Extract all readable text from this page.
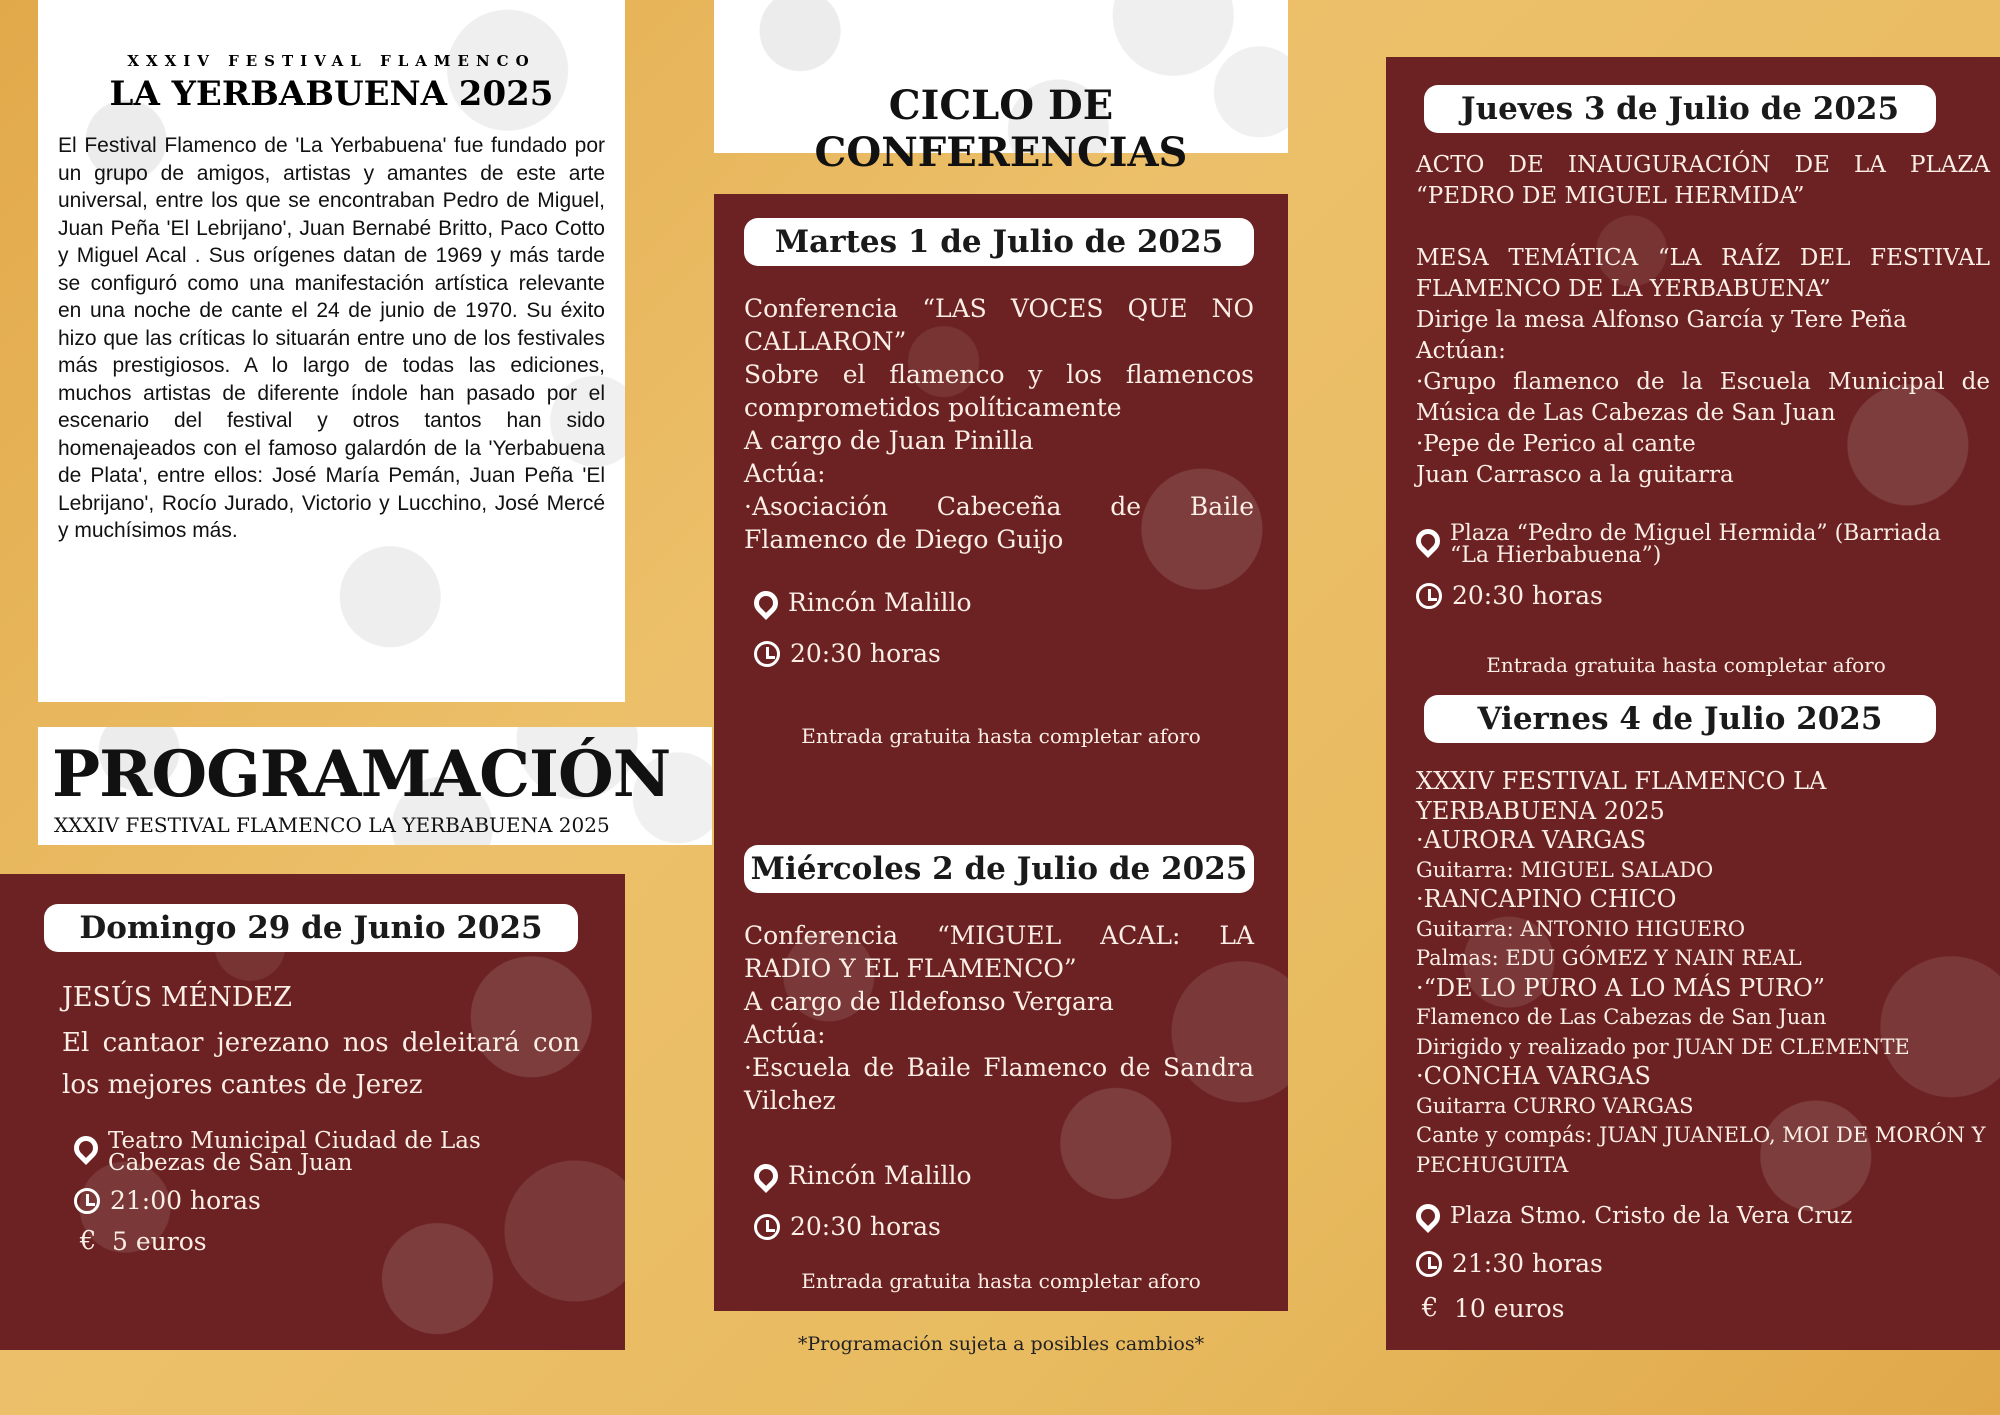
XXXIV FESTIVAL FLAMENCO
LA YERBABUENA 2025
El Festival Flamenco de 'La Yerbabuena' fue fundado por un grupo de amigos, artistas y amantes de este arte universal, entre los que se encontraban Pedro de Miguel, Juan Peña 'El Lebrijano', Juan Bernabé Britto, Paco Cotto y Miguel Acal . Sus orígenes datan de 1969 y más tarde se configuró como una manifestación artística relevante en una noche de cante el 24 de junio de 1970. Su éxito hizo que las críticas lo situarán entre uno de los festivales más prestigiosos. A lo largo de todas las ediciones, muchos artistas de diferente índole han pasado por el escenario del festival y otros tantos han sido homenajeados con el famoso galardón de la 'Yerbabuena de Plata', entre ellos: José María Pemán, Juan Peña 'El Lebrijano', Rocío Jurado, Victorio y Lucchino, José Mercé y muchísimos más.
PROGRAMACIÓN
XXXIV FESTIVAL FLAMENCO LA YERBABUENA 2025
Domingo 29 de Junio 2025
JESÚS MÉNDEZ
El cantaor jerezano nos deleitará con los mejores cantes de Jerez
Teatro Municipal Ciudad de Las Cabezas de San Juan
21:00 horas
€ 5 euros
CICLO DE CONFERENCIAS
Martes 1 de Julio de 2025
Conferencia “LAS VOCES QUE NO CALLARON”
Sobre el flamenco y los flamencos comprometidos políticamente
A cargo de Juan Pinilla
Actúa:
·Asociación Cabeceña de Baile Flamenco de Diego Guijo
Rincón Malillo
20:30 horas
Entrada gratuita hasta completar aforo
Miércoles 2 de Julio de 2025
Conferencia “MIGUEL ACAL: LA RADIO Y EL FLAMENCO”
A cargo de Ildefonso Vergara
Actúa:
·Escuela de Baile Flamenco de Sandra Vilchez
Rincón Malillo
20:30 horas
Entrada gratuita hasta completar aforo
*Programación sujeta a posibles cambios*
Jueves 3 de Julio de 2025
ACTO DE INAUGURACIÓN DE LA PLAZA “PEDRO DE MIGUEL HERMIDA”
MESA TEMÁTICA “LA RAÍZ DEL FESTIVAL FLAMENCO DE LA YERBABUENA”
Dirige la mesa Alfonso García y Tere Peña
Actúan:
·Grupo flamenco de la Escuela Municipal de Música de Las Cabezas de San Juan
·Pepe de Perico al cante
Juan Carrasco a la guitarra
Plaza “Pedro de Miguel Hermida” (Barriada “La Hierbabuena”)
20:30 horas
Entrada gratuita hasta completar aforo
Viernes 4 de Julio 2025
XXXIV FESTIVAL FLAMENCO LA YERBABUENA 2025
·AURORA VARGAS
Guitarra: MIGUEL SALADO
·RANCAPINO CHICO
Guitarra: ANTONIO HIGUERO
Palmas: EDU GÓMEZ Y NAIN REAL
·“DE LO PURO A LO MÁS PURO”
Flamenco de Las Cabezas de San Juan
Dirigido y realizado por JUAN DE CLEMENTE
·CONCHA VARGAS
Guitarra CURRO VARGAS
Cante y compás: JUAN JUANELO, MOI DE MORÓN Y PECHUGUITA
Plaza Stmo. Cristo de la Vera Cruz
21:30 horas
€ 10 euros
